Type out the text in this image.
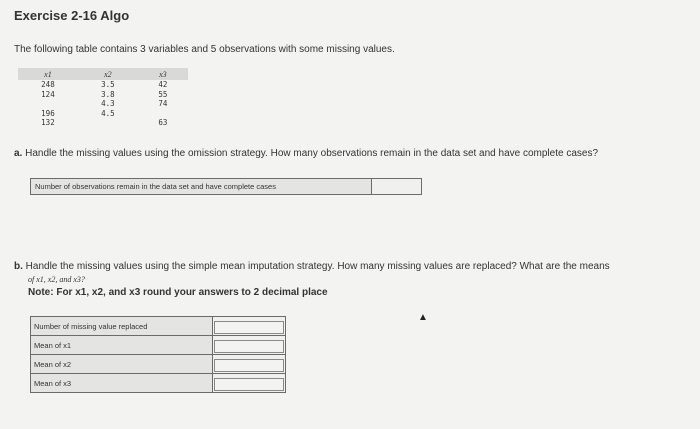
Exercise 2-16 Algo
The following table contains 3 variables and 5 observations with some missing values.
x1	x2	x3
248	3.5	42
124	3.8	55
	4.3	74
196	4.5	
132		63
a. Handle the missing values using the omission strategy. How many observations remain in the data set and have complete cases?
Number of observations remain in the data set and have complete cases
b. Handle the missing values using the simple mean imputation strategy. How many missing values are replaced? What are the means
of x1, x2, and x3?
Note: For x1, x2, and x3 round your answers to 2 decimal place
Number of missing value replaced	
Mean of x1	
Mean of x2	
Mean of x3	
▲
